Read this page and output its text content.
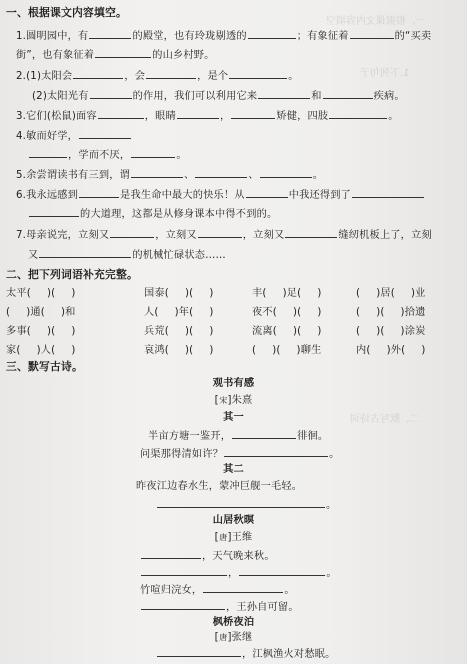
一、根据课文内容填空
1.下列句子
二、默写古诗词
一、根据课文内容填空。
1.圆明园中，有	的殿堂，也有玲珑剔透的	；有象征着	的“买卖
街”，也有象征着	的山乡村野。
2.(1)太阳会	，会	，是个	。
(2)太阳光有	的作用，我们可以利用它来	和	疾病。
3.它们(松鼠)面容	，眼睛	，	矫健，四肢	。
4.敏而好学，
，学而不厌，	。
5.余尝谓读书有三到，谓	、	、	。
6.我永远感到	是我生命中最大的快乐！从	中我还得到了
的大道理，这都是从修身课本中得不到的。
7.母亲说完，立刻又	，立刻又	，立刻又	缝纫机板上了，立刻
又	的机械忙碌状态……
二、把下列词语补充完整。
太平( )( )	国泰( )( )	丰( )足( )	( )居( )业
( )通( )和	人( )年( )	夜不( )( )	( )( )拾遗
多事( )( )	兵荒( )( )	流离( )( )	( )( )涂炭
家( )人( )	哀鸿( )( )	( )( )聊生	内( )外( )
三、默写古诗。
观书有感
[宋]朱熹
其一
半亩方塘一鉴开，	徘徊。
问渠那得清如许？	。
其二
昨夜江边春水生，蒙冲巨舰一毛轻。
。
山居秋暝
[唐]王维
，天气晚来秋。
，	。
竹喧归浣女，	。
，王孙自可留。
枫桥夜泊
[唐]张继
，江枫渔火对愁眠。
